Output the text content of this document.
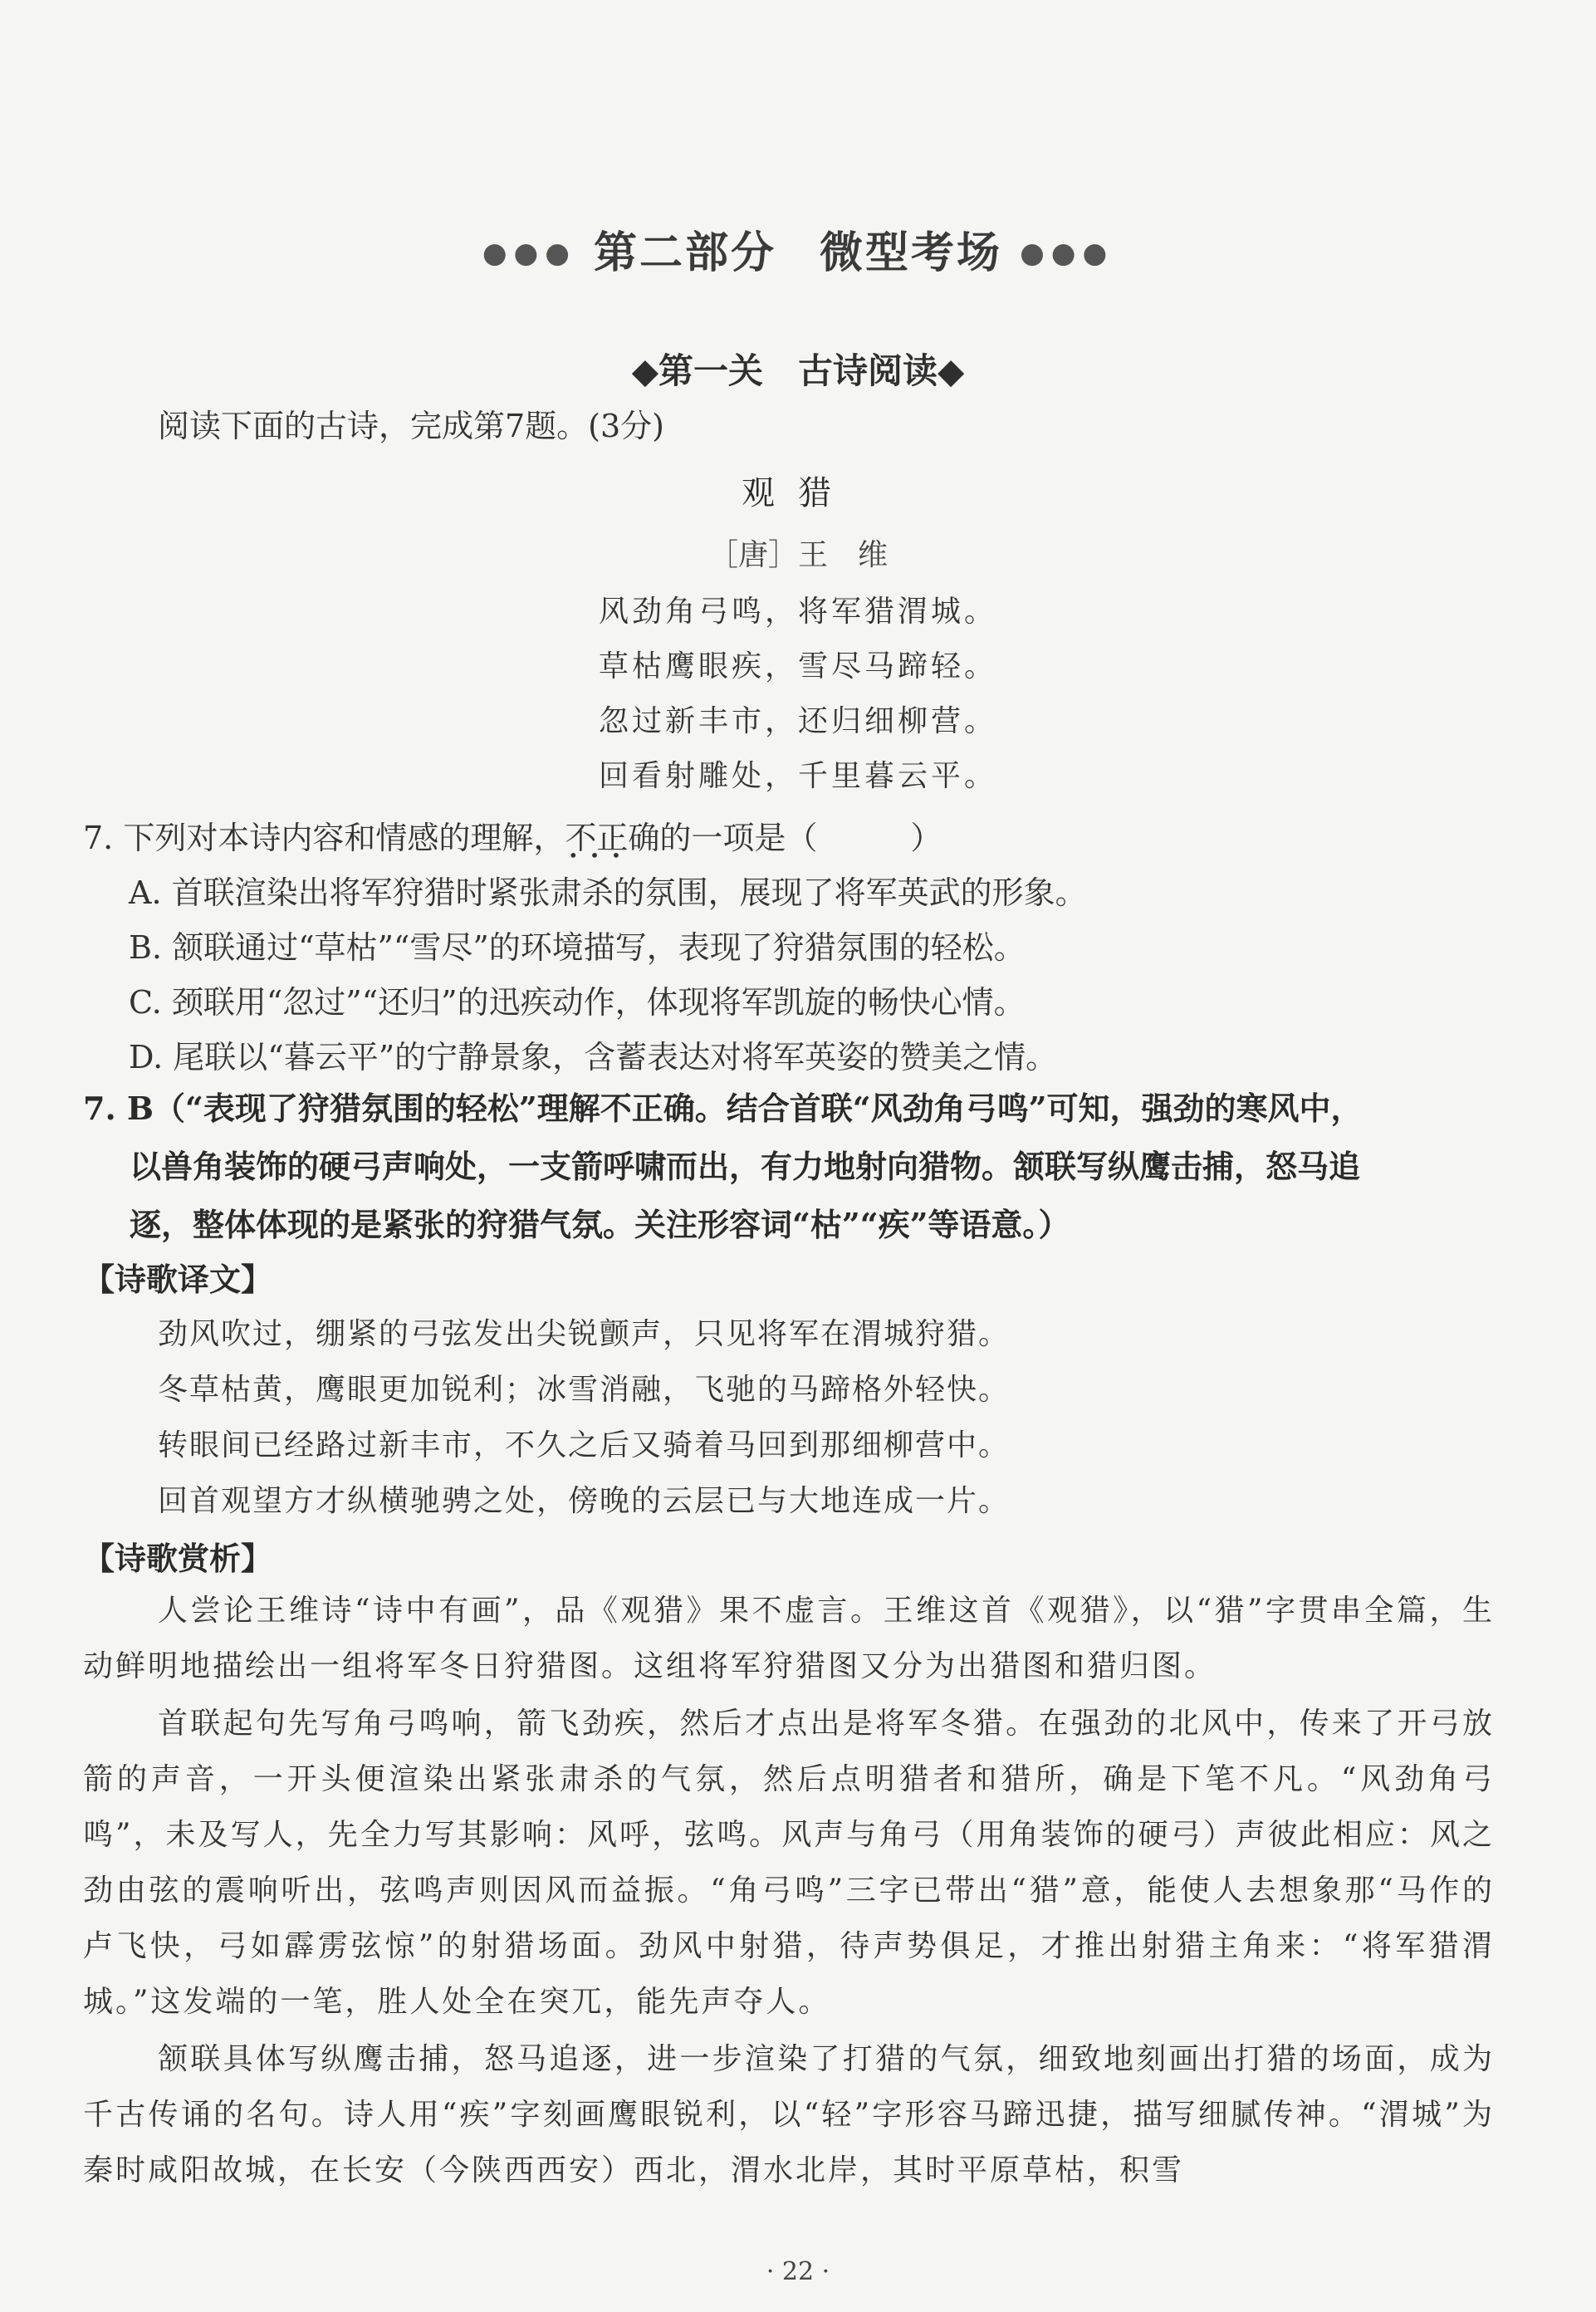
●●● 第二部分 微型考场 ●●●
◆第一关　古诗阅读◆
阅读下面的古诗，完成第7题。(3分)
观猎
［唐］王　维
风劲角弓鸣，将军猎渭城。
草枯鹰眼疾，雪尽马蹄轻。
忽过新丰市，还归细柳营。
回看射雕处，千里暮云平。
7. 下列对本诗内容和情感的理解，不正确 •••的一项是（	）
A. 首联渲染出将军狩猎时紧张肃杀的氛围，展现了将军英武的形象。
B. 颔联通过“草枯”“雪尽”的环境描写，表现了狩猎氛围的轻松。
C. 颈联用“忽过”“还归”的迅疾动作，体现将军凯旋的畅快心情。
D. 尾联以“暮云平”的宁静景象，含蓄表达对将军英姿的赞美之情。
7. B（“表现了狩猎氛围的轻松”理解不正确。结合首联“风劲角弓鸣”可知，强劲的寒风中，
以兽角装饰的硬弓声响处，一支箭呼啸而出，有力地射向猎物。颔联写纵鹰击捕，怒马追
逐，整体体现的是紧张的狩猎气氛。关注形容词“枯”“疾”等语意。）
【诗歌译文】
劲风吹过，绷紧的弓弦发出尖锐颤声，只见将军在渭城狩猎。
冬草枯黄，鹰眼更加锐利；冰雪消融，飞驰的马蹄格外轻快。
转眼间已经路过新丰市，不久之后又骑着马回到那细柳营中。
回首观望方才纵横驰骋之处，傍晚的云层已与大地连成一片。
【诗歌赏析】
人尝论王维诗“诗中有画”，品《观猎》果不虚言。王维这首《观猎》，以“猎”字贯串全篇，生动鲜明地描绘出一组将军冬日狩猎图。这组将军狩猎图又分为出猎图和猎归图。
首联起句先写角弓鸣响，箭飞劲疾，然后才点出是将军冬猎。在强劲的北风中，传来了开弓放箭的声音，一开头便渲染出紧张肃杀的气氛，然后点明猎者和猎所，确是下笔不凡。“风劲角弓鸣”，未及写人，先全力写其影响：风呼，弦鸣。风声与角弓（用角装饰的硬弓）声彼此相应：风之劲由弦的震响听出，弦鸣声则因风而益振。“角弓鸣”三字已带出“猎”意，能使人去想象那“马作的卢飞快，弓如霹雳弦惊”的射猎场面。劲风中射猎，待声势俱足，才推出射猎主角来：“将军猎渭城。”这发端的一笔，胜人处全在突兀，能先声夺人。
颔联具体写纵鹰击捕，怒马追逐，进一步渲染了打猎的气氛，细致地刻画出打猎的场面，成为千古传诵的名句。诗人用“疾”字刻画鹰眼锐利，以“轻”字形容马蹄迅捷，描写细腻传神。“渭城”为秦时咸阳故城，在长安（今陕西西安）西北，渭水北岸，其时平原草枯，积雪
· 22 ·
